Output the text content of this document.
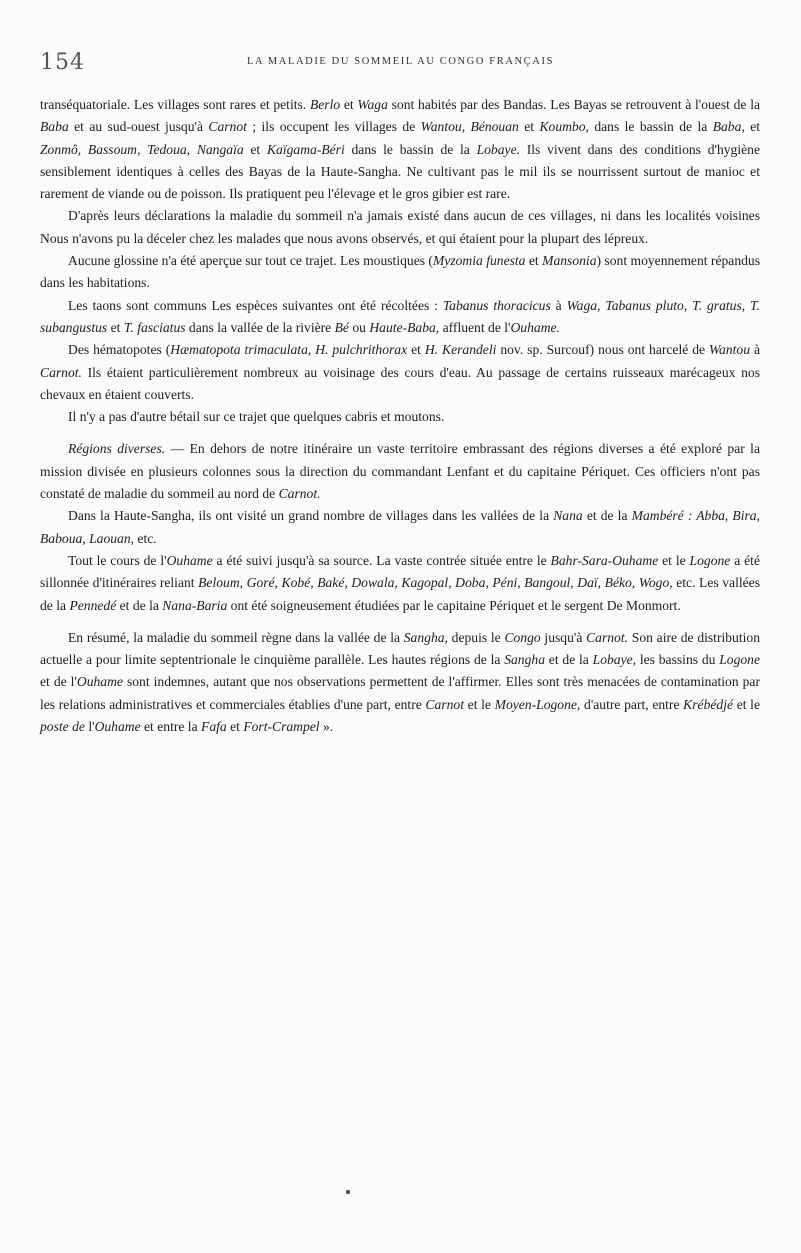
154	LA MALADIE DU SOMMEIL AU CONGO FRANÇAIS

transéquatoriale. Les villages sont rares et petits. Berlo et Waga sont habités par des Bandas. Les Bayas se retrouvent à l'ouest de la Baba et au sud-ouest jusqu'à Carnot ; ils occupent les villages de Wantou, Bénouan et Koumbo, dans le bassin de la Baba, et Zonmô, Bassoum, Tedoua, Nangaïa et Kaïgama-Béri dans le bassin de la Lobaye. Ils vivent dans des conditions d'hygiène sensiblement identiques à celles des Bayas de la Haute-Sangha. Ne cultivant pas le mil ils se nourrissent surtout de manioc et rarement de viande ou de poisson. Ils pratiquent peu l'élevage et le gros gibier est rare.

D'après leurs déclarations la maladie du sommeil n'a jamais existé dans aucun de ces villages, ni dans les localités voisines Nous n'avons pu la déceler chez les malades que nous avons observés, et qui étaient pour la plupart des lépreux.

Aucune glossine n'a été aperçue sur tout ce trajet. Les moustiques (Myzomia funesta et Mansonia) sont moyennement répandus dans les habitations.

Les taons sont communs Les espèces suivantes ont été récoltées : Tabanus thoracicus à Waga, Tabanus pluto, T. gratus, T. subangustus et T. fasciatus dans la vallée de la rivière Bé ou Haute-Baba, affluent de l'Ouhame.

Des hématopotes (Hæmatopota trimaculata, H. pulchrithorax et H. Kerandeli nov. sp. Surcouf) nous ont harcelé de Wantou à Carnot. Ils étaient particulièrement nombreux au voisinage des cours d'eau. Au passage de certains ruisseaux marécageux nos chevaux en étaient couverts.

Il n'y a pas d'autre bétail sur ce trajet que quelques cabris et moutons.

Régions diverses. — En dehors de notre itinéraire un vaste territoire embrassant des régions diverses a été exploré par la mission divisée en plusieurs colonnes sous la direction du commandant Lenfant et du capitaine Périquet. Ces officiers n'ont pas constaté de maladie du sommeil au nord de Carnot.

Dans la Haute-Sangha, ils ont visité un grand nombre de villages dans les vallées de la Nana et de la Mambéré : Abba, Bira, Baboua, Laouan, etc.

Tout le cours de l'Ouhame a été suivi jusqu'à sa source. La vaste contrée située entre le Bahr-Sara-Ouhame et le Logone a été sillonnée d'itinéraires reliant Beloum, Goré, Kobé, Baké, Dowala, Kagopal, Doba, Péni, Bangoul, Daï, Béko, Wogo, etc. Les vallées de la Pennedé et de la Nana-Baria ont été soigneusement étudiées par le capitaine Périquet et le sergent De Monmort.

En résumé, la maladie du sommeil règne dans la vallée de la Sangha, depuis le Congo jusqu'à Carnot. Son aire de distribution actuelle a pour limite septentrionale le cinquième parallèle. Les hautes régions de la Sangha et de la Lobaye, les bassins du Logone et de l'Ouhame sont indemnes, autant que nos observations permettent de l'affirmer. Elles sont très menacées de contamination par les relations administratives et commerciales établies d'une part, entre Carnot et le Moyen-Logone, d'autre part, entre Krébédjé et le poste de l'Ouhame et entre la Fafa et Fort-Crampel ».
